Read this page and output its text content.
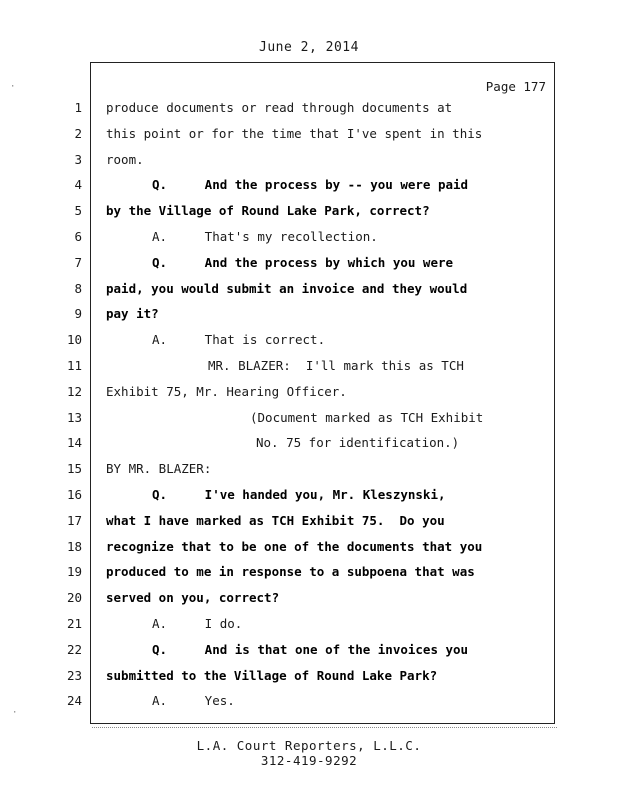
June 2, 2014
Page 177
·
·
1 produce documents or read through documents at
2 this point or for the time that I've spent in this
3 room.
4	Q.     And the process by -- you were paid
5 by the Village of Round Lake Park, correct?
6	A.     That's my recollection.
7	Q.     And the process by which you were
8 paid, you would submit an invoice and they would
9 pay it?
10	A.     That is correct.
11	MR. BLAZER:  I'll mark this as TCH
12 Exhibit 75, Mr. Hearing Officer.
13	(Document marked as TCH Exhibit
14	No. 75 for identification.)
15 BY MR. BLAZER:
16	Q.     I've handed you, Mr. Kleszynski,
17 what I have marked as TCH Exhibit 75.  Do you
18 recognize that to be one of the documents that you
19 produced to me in response to a subpoena that was
20 served on you, correct?
21	A.     I do.
22	Q.     And is that one of the invoices you
23 submitted to the Village of Round Lake Park?
24	A.     Yes.
L.A. Court Reporters, L.L.C.
312-419-9292
